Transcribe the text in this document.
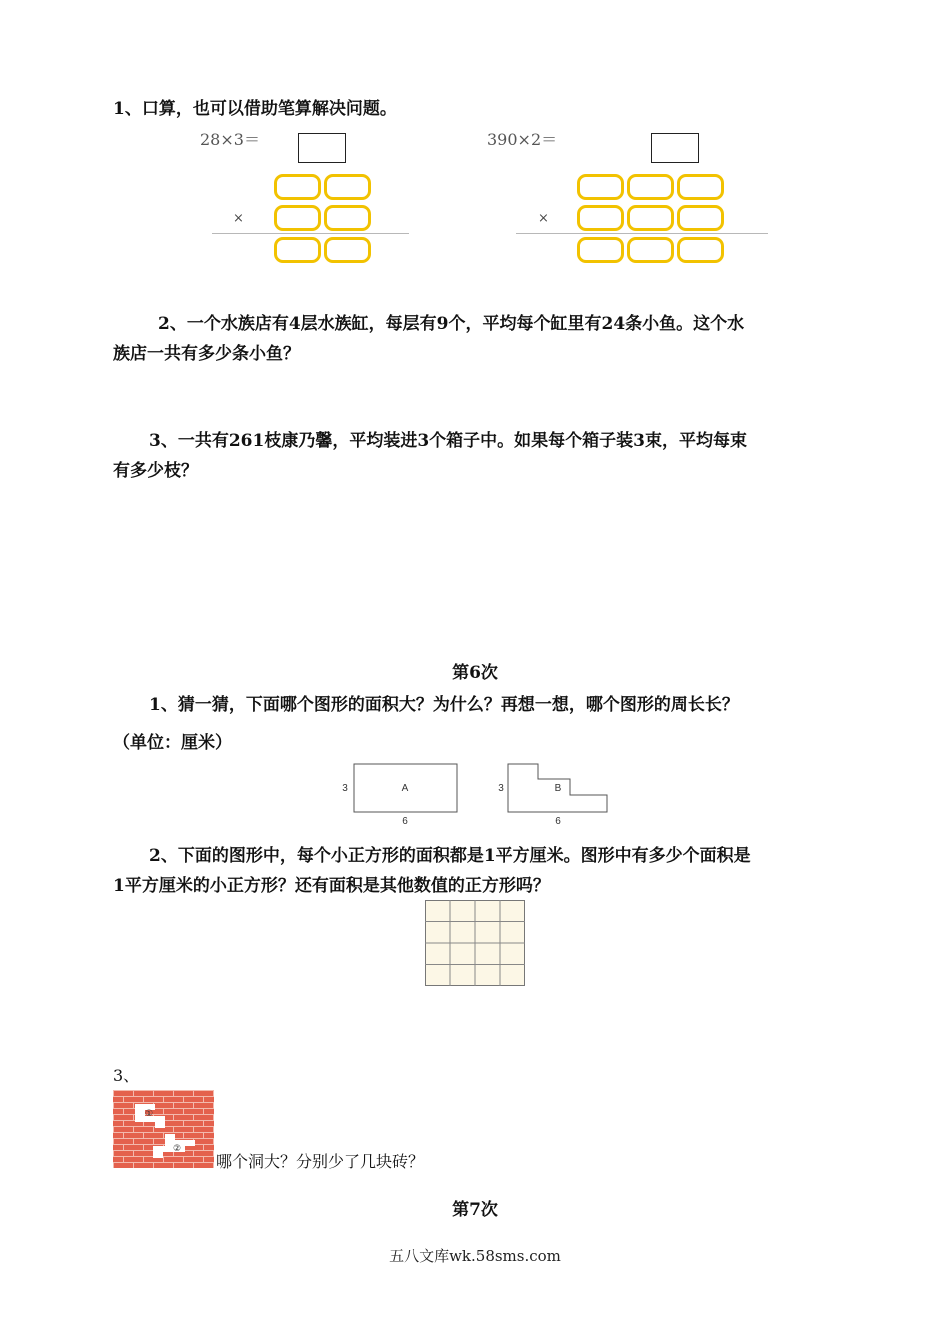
1、口算，也可以借助笔算解决问题。
28×3＝
×
390×2＝
×
2、一个水族店有4层水族缸，每层有9个，平均每个缸里有24条小鱼。这个水
族店一共有多少条小鱼？
3、一共有261枝康乃馨，平均装进3个箱子中。如果每个箱子装3束，平均每束
有多少枝？
第6次
1、猜一猜，下面哪个图形的面积大？为什么？再想一想，哪个图形的周长长？
（单位：厘米）
A
3
6
B
3
6
2、下面的图形中，每个小正方形的面积都是1平方厘米。图形中有多少个面积是
1平方厘米的小正方形？还有面积是其他数值的正方形吗？
3、
①
②
哪个洞大？分别少了几块砖？
第7次
五八文库wk.58sms.com
